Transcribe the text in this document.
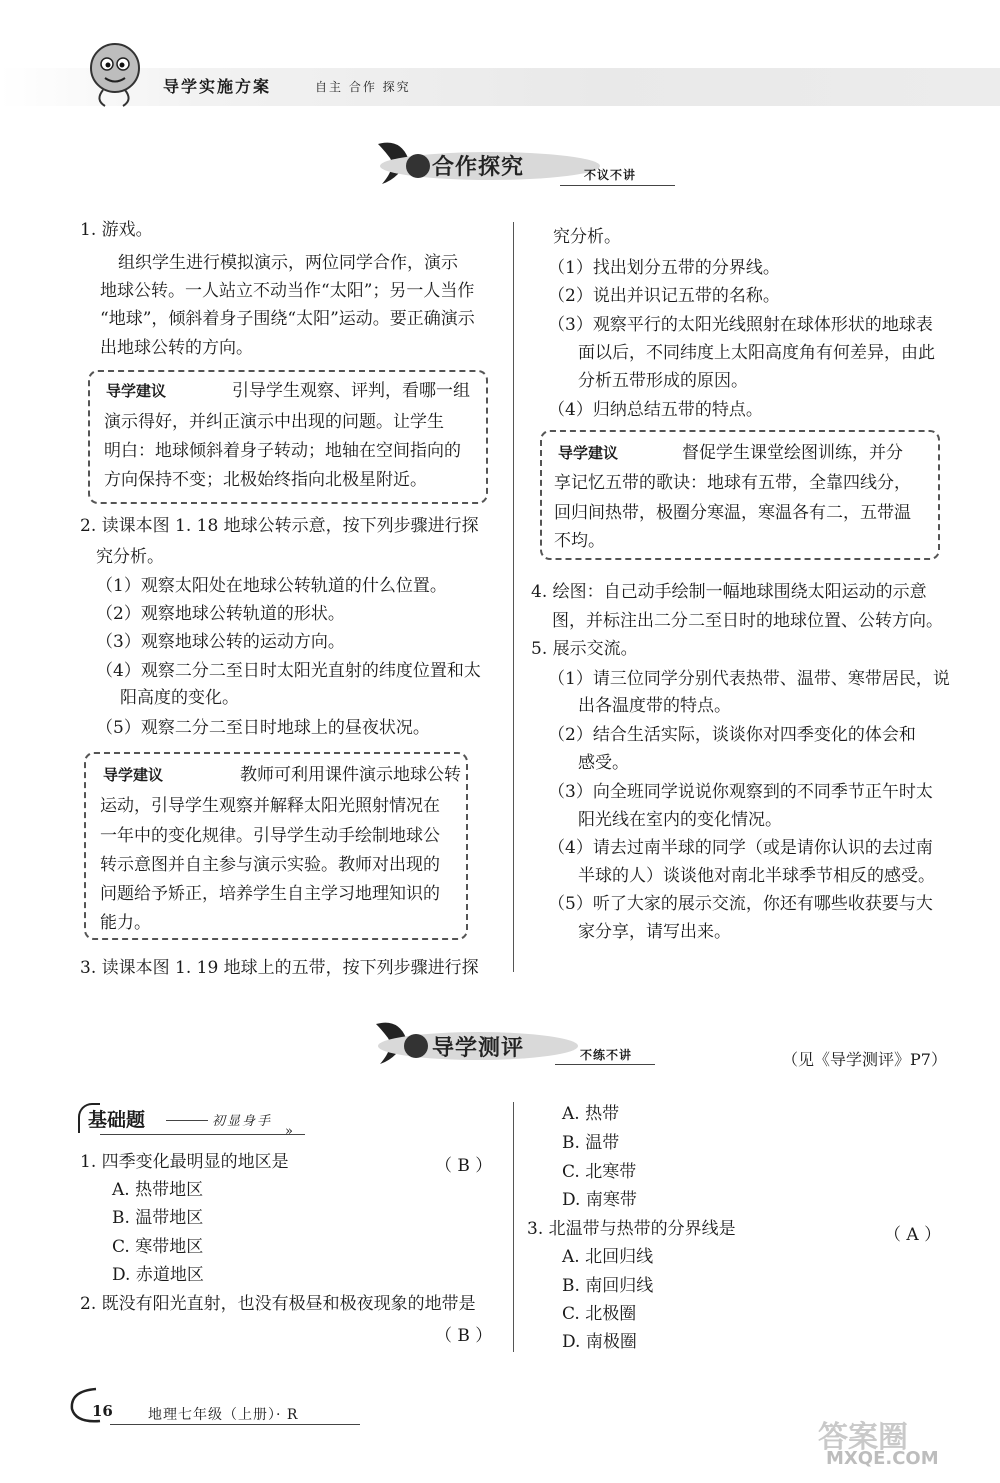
导学实施方案	自主 合作 探究
合作探究	不议不讲
1. 游戏。
组织学生进行模拟演示，两位同学合作，演示
地球公转。一人站立不动当作“太阳”；另一人当作
“地球”，倾斜着身子围绕“太阳”运动。要正确演示
出地球公转的方向。
导学建议	引导学生观察、评判，看哪一组
演示得好，并纠正演示中出现的问题。让学生
明白：地球倾斜着身子转动；地轴在空间指向的
方向保持不变；北极始终指向北极星附近。
2. 读课本图 1. 18 地球公转示意，按下列步骤进行探
究分析。
（1）观察太阳处在地球公转轨道的什么位置。
（2）观察地球公转轨道的形状。
（3）观察地球公转的运动方向。
（4）观察二分二至日时太阳光直射的纬度位置和太
阳高度的变化。
（5）观察二分二至日时地球上的昼夜状况。
导学建议	教师可利用课件演示地球公转
运动，引导学生观察并解释太阳光照射情况在
一年中的变化规律。引导学生动手绘制地球公
转示意图并自主参与演示实验。教师对出现的
问题给予矫正，培养学生自主学习地理知识的
能力。
3. 读课本图 1. 19 地球上的五带，按下列步骤进行探
究分析。
（1）找出划分五带的分界线。
（2）说出并识记五带的名称。
（3）观察平行的太阳光线照射在球体形状的地球表
面以后，不同纬度上太阳高度角有何差异，由此
分析五带形成的原因。
（4）归纳总结五带的特点。
导学建议	督促学生课堂绘图训练，并分
享记忆五带的歌诀：地球有五带，全靠四线分，
回归间热带，极圈分寒温，寒温各有二，五带温
不均。
4. 绘图：自己动手绘制一幅地球围绕太阳运动的示意
图，并标注出二分二至日时的地球位置、公转方向。
5. 展示交流。
（1）请三位同学分别代表热带、温带、寒带居民，说
出各温度带的特点。
（2）结合生活实际，谈谈你对四季变化的体会和
感受。
（3）向全班同学说说你观察到的不同季节正午时太
阳光线在室内的变化情况。
（4）请去过南半球的同学（或是请你认识的去过南
半球的人）谈谈他对南北半球季节相反的感受。
（5）听了大家的展示交流，你还有哪些收获要与大
家分享，请写出来。
导学测评	不练不讲	（见《导学测评》P7）
基础题	初显身手
»
1. 四季变化最明显的地区是	（ B ）
A. 热带地区
B. 温带地区
C. 寒带地区
D. 赤道地区
2. 既没有阳光直射，也没有极昼和极夜现象的地带是
（ B ）
A. 热带
B. 温带
C. 北寒带
D. 南寒带
3. 北温带与热带的分界线是	（ A ）
A. 北回归线
B. 南回归线
C. 北极圈
D. 南极圈
16	地理七年级（上册）· R
答案圈
MXQE.COM
